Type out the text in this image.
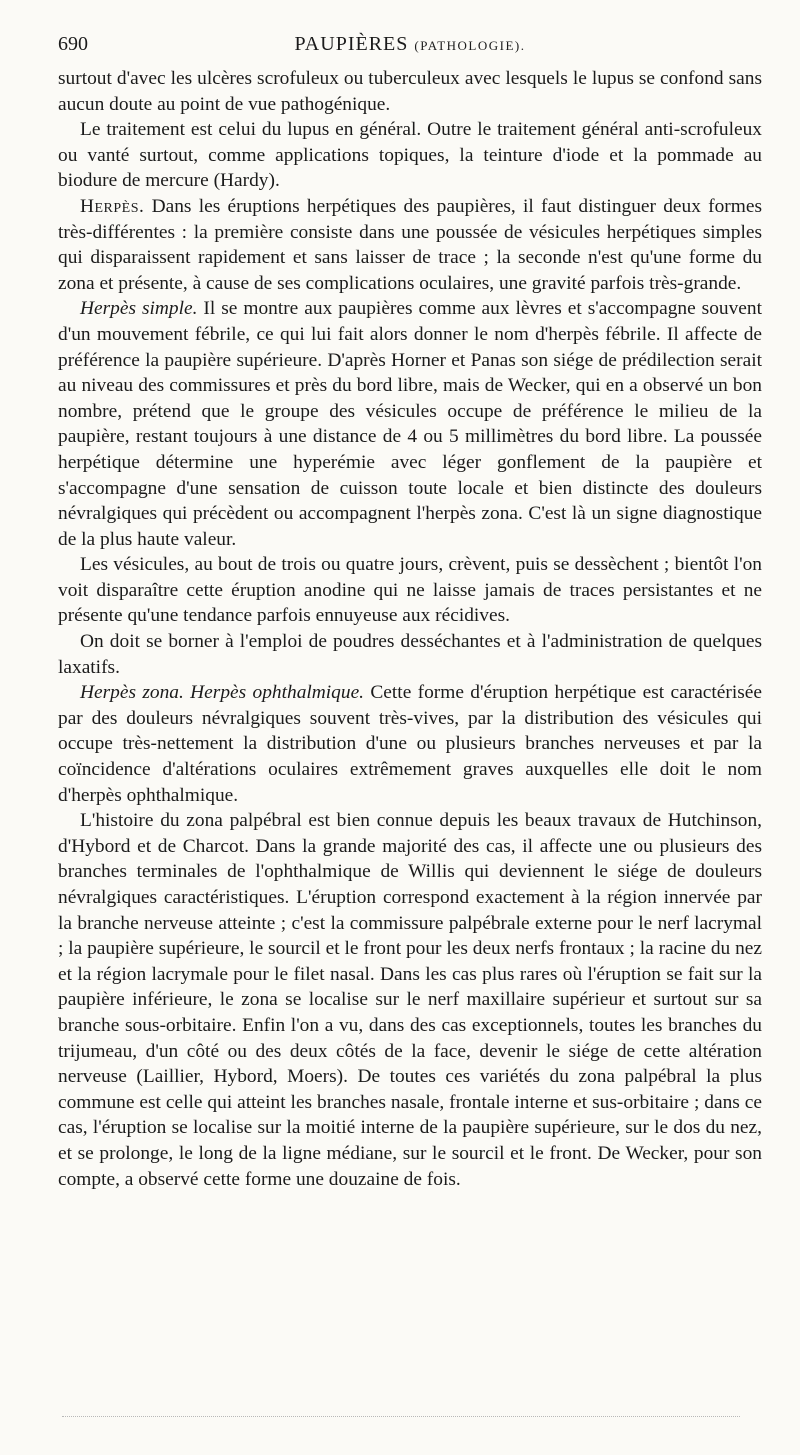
690	PAUPIÈRES (PATHOLOGIE).

surtout d'avec les ulcères scrofuleux ou tuberculeux avec lesquels le lupus se confond sans aucun doute au point de vue pathogénique.

Le traitement est celui du lupus en général. Outre le traitement général anti-scrofuleux ou vanté surtout, comme applications topiques, la teinture d'iode et la pommade au biodure de mercure (Hardy).

Herpès. Dans les éruptions herpétiques des paupières, il faut distinguer deux formes très-différentes : la première consiste dans une poussée de vésicules herpétiques simples qui disparaissent rapidement et sans laisser de trace ; la seconde n'est qu'une forme du zona et présente, à cause de ses complications oculaires, une gravité parfois très-grande.

Herpès simple. Il se montre aux paupières comme aux lèvres et s'accompagne souvent d'un mouvement fébrile, ce qui lui fait alors donner le nom d'herpès fébrile. Il affecte de préférence la paupière supérieure. D'après Horner et Panas son siége de prédilection serait au niveau des commissures et près du bord libre, mais de Wecker, qui en a observé un bon nombre, prétend que le groupe des vésicules occupe de préférence le milieu de la paupière, restant toujours à une distance de 4 ou 5 millimètres du bord libre. La poussée herpétique détermine une hyperémie avec léger gonflement de la paupière et s'accompagne d'une sensation de cuisson toute locale et bien distincte des douleurs névralgiques qui précèdent ou accompagnent l'herpès zona. C'est là un signe diagnostique de la plus haute valeur.

Les vésicules, au bout de trois ou quatre jours, crèvent, puis se dessèchent ; bientôt l'on voit disparaître cette éruption anodine qui ne laisse jamais de traces persistantes et ne présente qu'une tendance parfois ennuyeuse aux récidives.

On doit se borner à l'emploi de poudres desséchantes et à l'administration de quelques laxatifs.

Herpès zona. Herpès ophthalmique. Cette forme d'éruption herpétique est caractérisée par des douleurs névralgiques souvent très-vives, par la distribution des vésicules qui occupe très-nettement la distribution d'une ou plusieurs branches nerveuses et par la coïncidence d'altérations oculaires extrêmement graves auxquelles elle doit le nom d'herpès ophthalmique.

L'histoire du zona palpébral est bien connue depuis les beaux travaux de Hutchinson, d'Hybord et de Charcot. Dans la grande majorité des cas, il affecte une ou plusieurs des branches terminales de l'ophthalmique de Willis qui deviennent le siége de douleurs névralgiques caractéristiques. L'éruption correspond exactement à la région innervée par la branche nerveuse atteinte ; c'est la commissure palpébrale externe pour le nerf lacrymal ; la paupière supérieure, le sourcil et le front pour les deux nerfs frontaux ; la racine du nez et la région lacrymale pour le filet nasal. Dans les cas plus rares où l'éruption se fait sur la paupière inférieure, le zona se localise sur le nerf maxillaire supérieur et surtout sur sa branche sous-orbitaire. Enfin l'on a vu, dans des cas exceptionnels, toutes les branches du trijumeau, d'un côté ou des deux côtés de la face, devenir le siége de cette altération nerveuse (Laillier, Hybord, Moers). De toutes ces variétés du zona palpébral la plus commune est celle qui atteint les branches nasale, frontale interne et sus-orbitaire ; dans ce cas, l'éruption se localise sur la moitié interne de la paupière supérieure, sur le dos du nez, et se prolonge, le long de la ligne médiane, sur le sourcil et le front. De Wecker, pour son compte, a observé cette forme une douzaine de fois.
